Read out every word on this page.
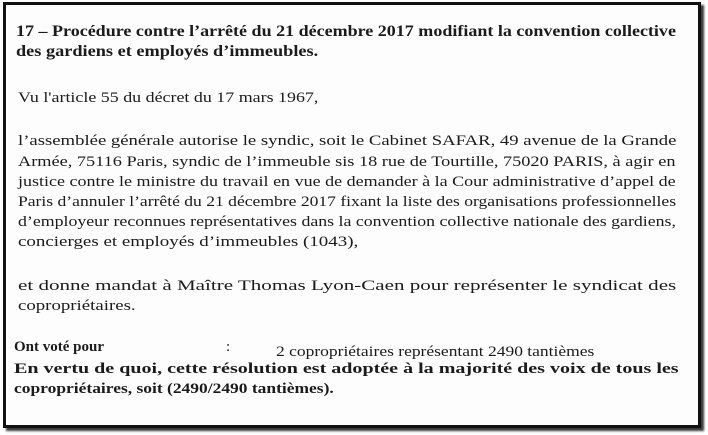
17 – Procédure contre l’arrêté du 21 décembre 2017 modifiant la convention collective
des gardiens et employés d’immeubles.
Vu l'article 55 du décret du 17 mars 1967,
l’assemblée générale autorise le syndic, soit le Cabinet SAFAR, 49 avenue de la Grande
Armée, 75116 Paris, syndic de l’immeuble sis 18 rue de Tourtille, 75020 PARIS, à agir en
justice contre le ministre du travail en vue de demander à la Cour administrative d’appel de
Paris d’annuler l’arrêté du 21 décembre 2017 fixant la liste des organisations professionnelles
d’employeur reconnues représentatives dans la convention collective nationale des gardiens,
concierges et employés d’immeubles (1043),
et donne mandat à Maître Thomas Lyon-Caen pour représenter le syndicat des
copropriétaires.
Ont voté pour	:	2 copropriétaires représentant 2490 tantièmes
En vertu de quoi, cette résolution est adoptée à la majorité des voix de tous les
copropriétaires, soit (2490/2490 tantièmes).
